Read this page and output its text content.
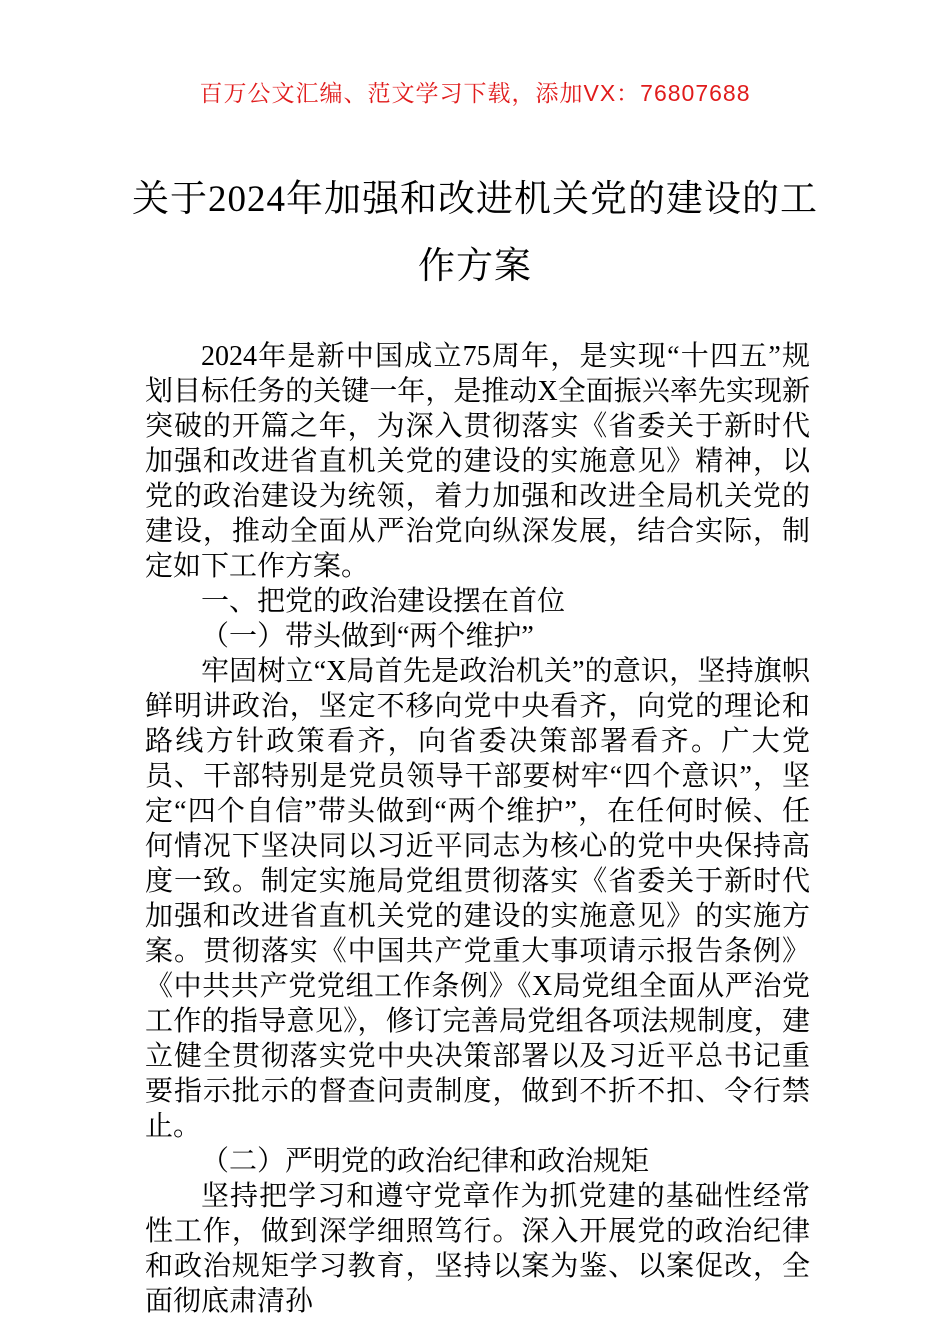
百万公文汇编、范文学习下载，添加VX：76807688
关于2024年加强和改进机关党的建设的工作方案

2024年是新中国成立75周年，是实现“十四五”规划目标任务的关键一年，是推动X全面振兴率先实现新突破的开篇之年，为深入贯彻落实《省委关于新时代加强和改进省直机关党的建设的实施意见》精神，以党的政治建设为统领，着力加强和改进全局机关党的建设，推动全面从严治党向纵深发展，结合实际，制定如下工作方案。

一、把党的政治建设摆在首位

（一）带头做到“两个维护”

牢固树立“X局首先是政治机关”的意识，坚持旗帜鲜明讲政治，坚定不移向党中央看齐，向党的理论和路线方针政策看齐，向省委决策部署看齐。广大党员、干部特别是党员领导干部要树牢“四个意识”，坚定“四个自信”带头做到“两个维护”，在任何时候、任何情况下坚决同以习近平同志为核心的党中央保持高度一致。制定实施局党组贯彻落实《省委关于新时代加强和改进省直机关党的建设的实施意见》的实施方案。贯彻落实《中国共产党重大事项请示报告条例》《中共共产党党组工作条例》《X局党组全面从严治党工作的指导意见》，修订完善局党组各项法规制度，建立健全贯彻落实党中央决策部署以及习近平总书记重要指示批示的督查问责制度，做到不折不扣、令行禁止。

（二）严明党的政治纪律和政治规矩

坚持把学习和遵守党章作为抓党建的基础性经常性工作，做到深学细照笃行。深入开展党的政治纪律和政治规矩学习教育，坚持以案为鉴、以案促改，全面彻底肃清孙
